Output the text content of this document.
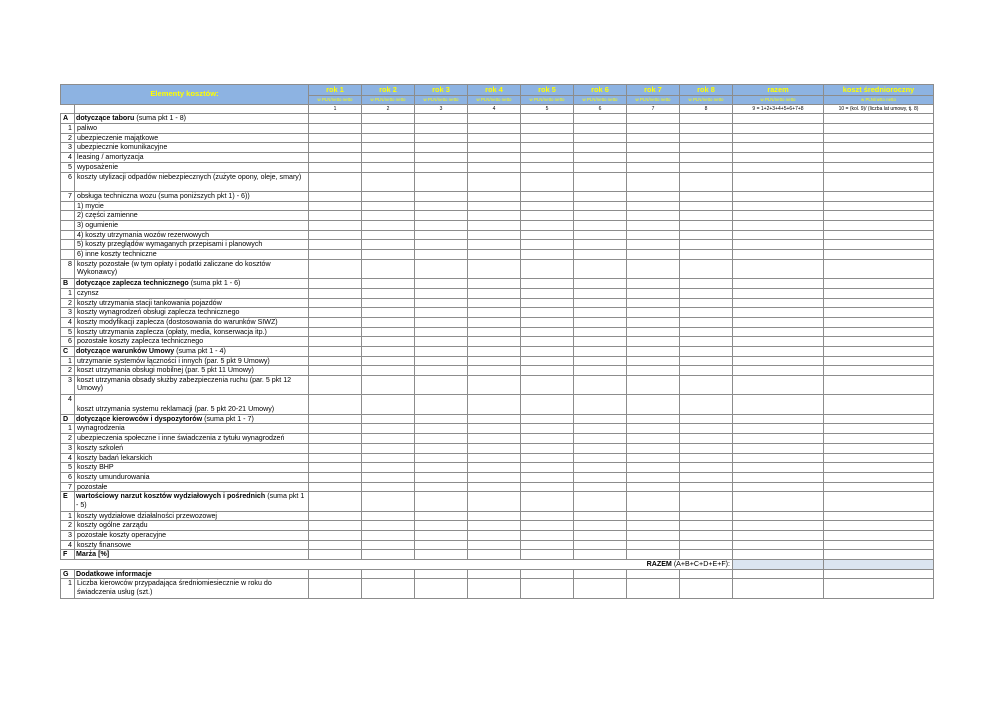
Elementy kosztów:		rok 1	rok 2	rok 3	rok 4	rok 5	rok 6	rok 7	rok 8	razem	koszt średnioroczny
		w PLN/netto netto	w PLN/netto netto	w PLN/netto netto	w PLN/netto netto	w PLN/netto netto	w PLN/netto netto	w PLN/netto netto	w PLN/netto netto	w PLN/netto netto	w PLN/netto netto
		1	2	3	4	5	6	7	8	9 = 1+2+3+4+5+6+7+8	10 = (kol. 9)/ (liczba lat umowy, tj. 8)
A	dotyczące taboru (suma pkt 1 - 8)										
1	paliwo										
2	ubezpieczenie majątkowe										
3	ubezpiecznie komunikacyjne										
4	leasing / amortyzacja										
5	wyposażenie										
6	koszty utylizacji odpadów niebezpiecznych (zużyte opony, oleje, smary)										
7	obsługa techniczna wozu (suma poniższych pkt 1) - 6))										
	1) mycie										
	2) części zamienne										
	3) ogumienie										
	4) koszty utrzymania wozów rezerwowych										
	5) koszty przeglądów wymaganych przepisami i planowych										
	6) inne koszty techniczne										
8	koszty pozostałe (w tym opłaty i podatki zaliczane do kosztów Wykonawcy)										
B	dotyczące zaplecza technicznego (suma pkt 1 - 6)										
1	czynsz										
2	koszty utrzymania stacji tankowania pojazdów										
3	koszty wynagrodzeń obsługi zaplecza technicznego										
4	koszty modyfikacji zaplecza (dostosowania do warunków SIWZ)										
5	koszty utrzymania zaplecza (opłaty, media, konserwacja itp.)										
6	pozostałe koszty zaplecza technicznego										
C	dotyczące warunków Umowy (suma pkt 1 - 4)										
1	utrzymanie systemów łączności i innych (par. 5 pkt 9 Umowy)										
2	koszt utrzymania obsługi mobilnej (par. 5 pkt 11 Umowy)										
3	koszt utrzymania obsady służby zabezpieczenia ruchu (par. 5 pkt 12 Umowy)										
4	koszt utrzymania systemu reklamacji (par. 5 pkt 20-21 Umowy)										
D	dotyczące kierowców i dyspozytorów (suma pkt 1 - 7)										
1	wynagrodzenia										
2	ubezpieczenia społeczne i inne świadczenia z tytułu wynagrodzeń										
3	koszty szkoleń										
4	koszty badań lekarskich										
5	koszty BHP										
6	koszty umundurowania										
7	pozostałe										
E	wartościowy narzut kosztów wydziałowych i pośrednich (suma pkt 1 - 5)										
1	koszty wydziałowe działalności przewozowej										
2	koszty ogólne zarządu										
3	pozostałe koszty operacyjne										
4	koszty finansowe										
F	Marża [%]										
RAZEM (A+B+C+D+E+F):											
G	Dodatkowe informacje										
1	Liczba kierowców przypadająca średniomiesiecznie w roku do świadczenia usług (szt.)										
